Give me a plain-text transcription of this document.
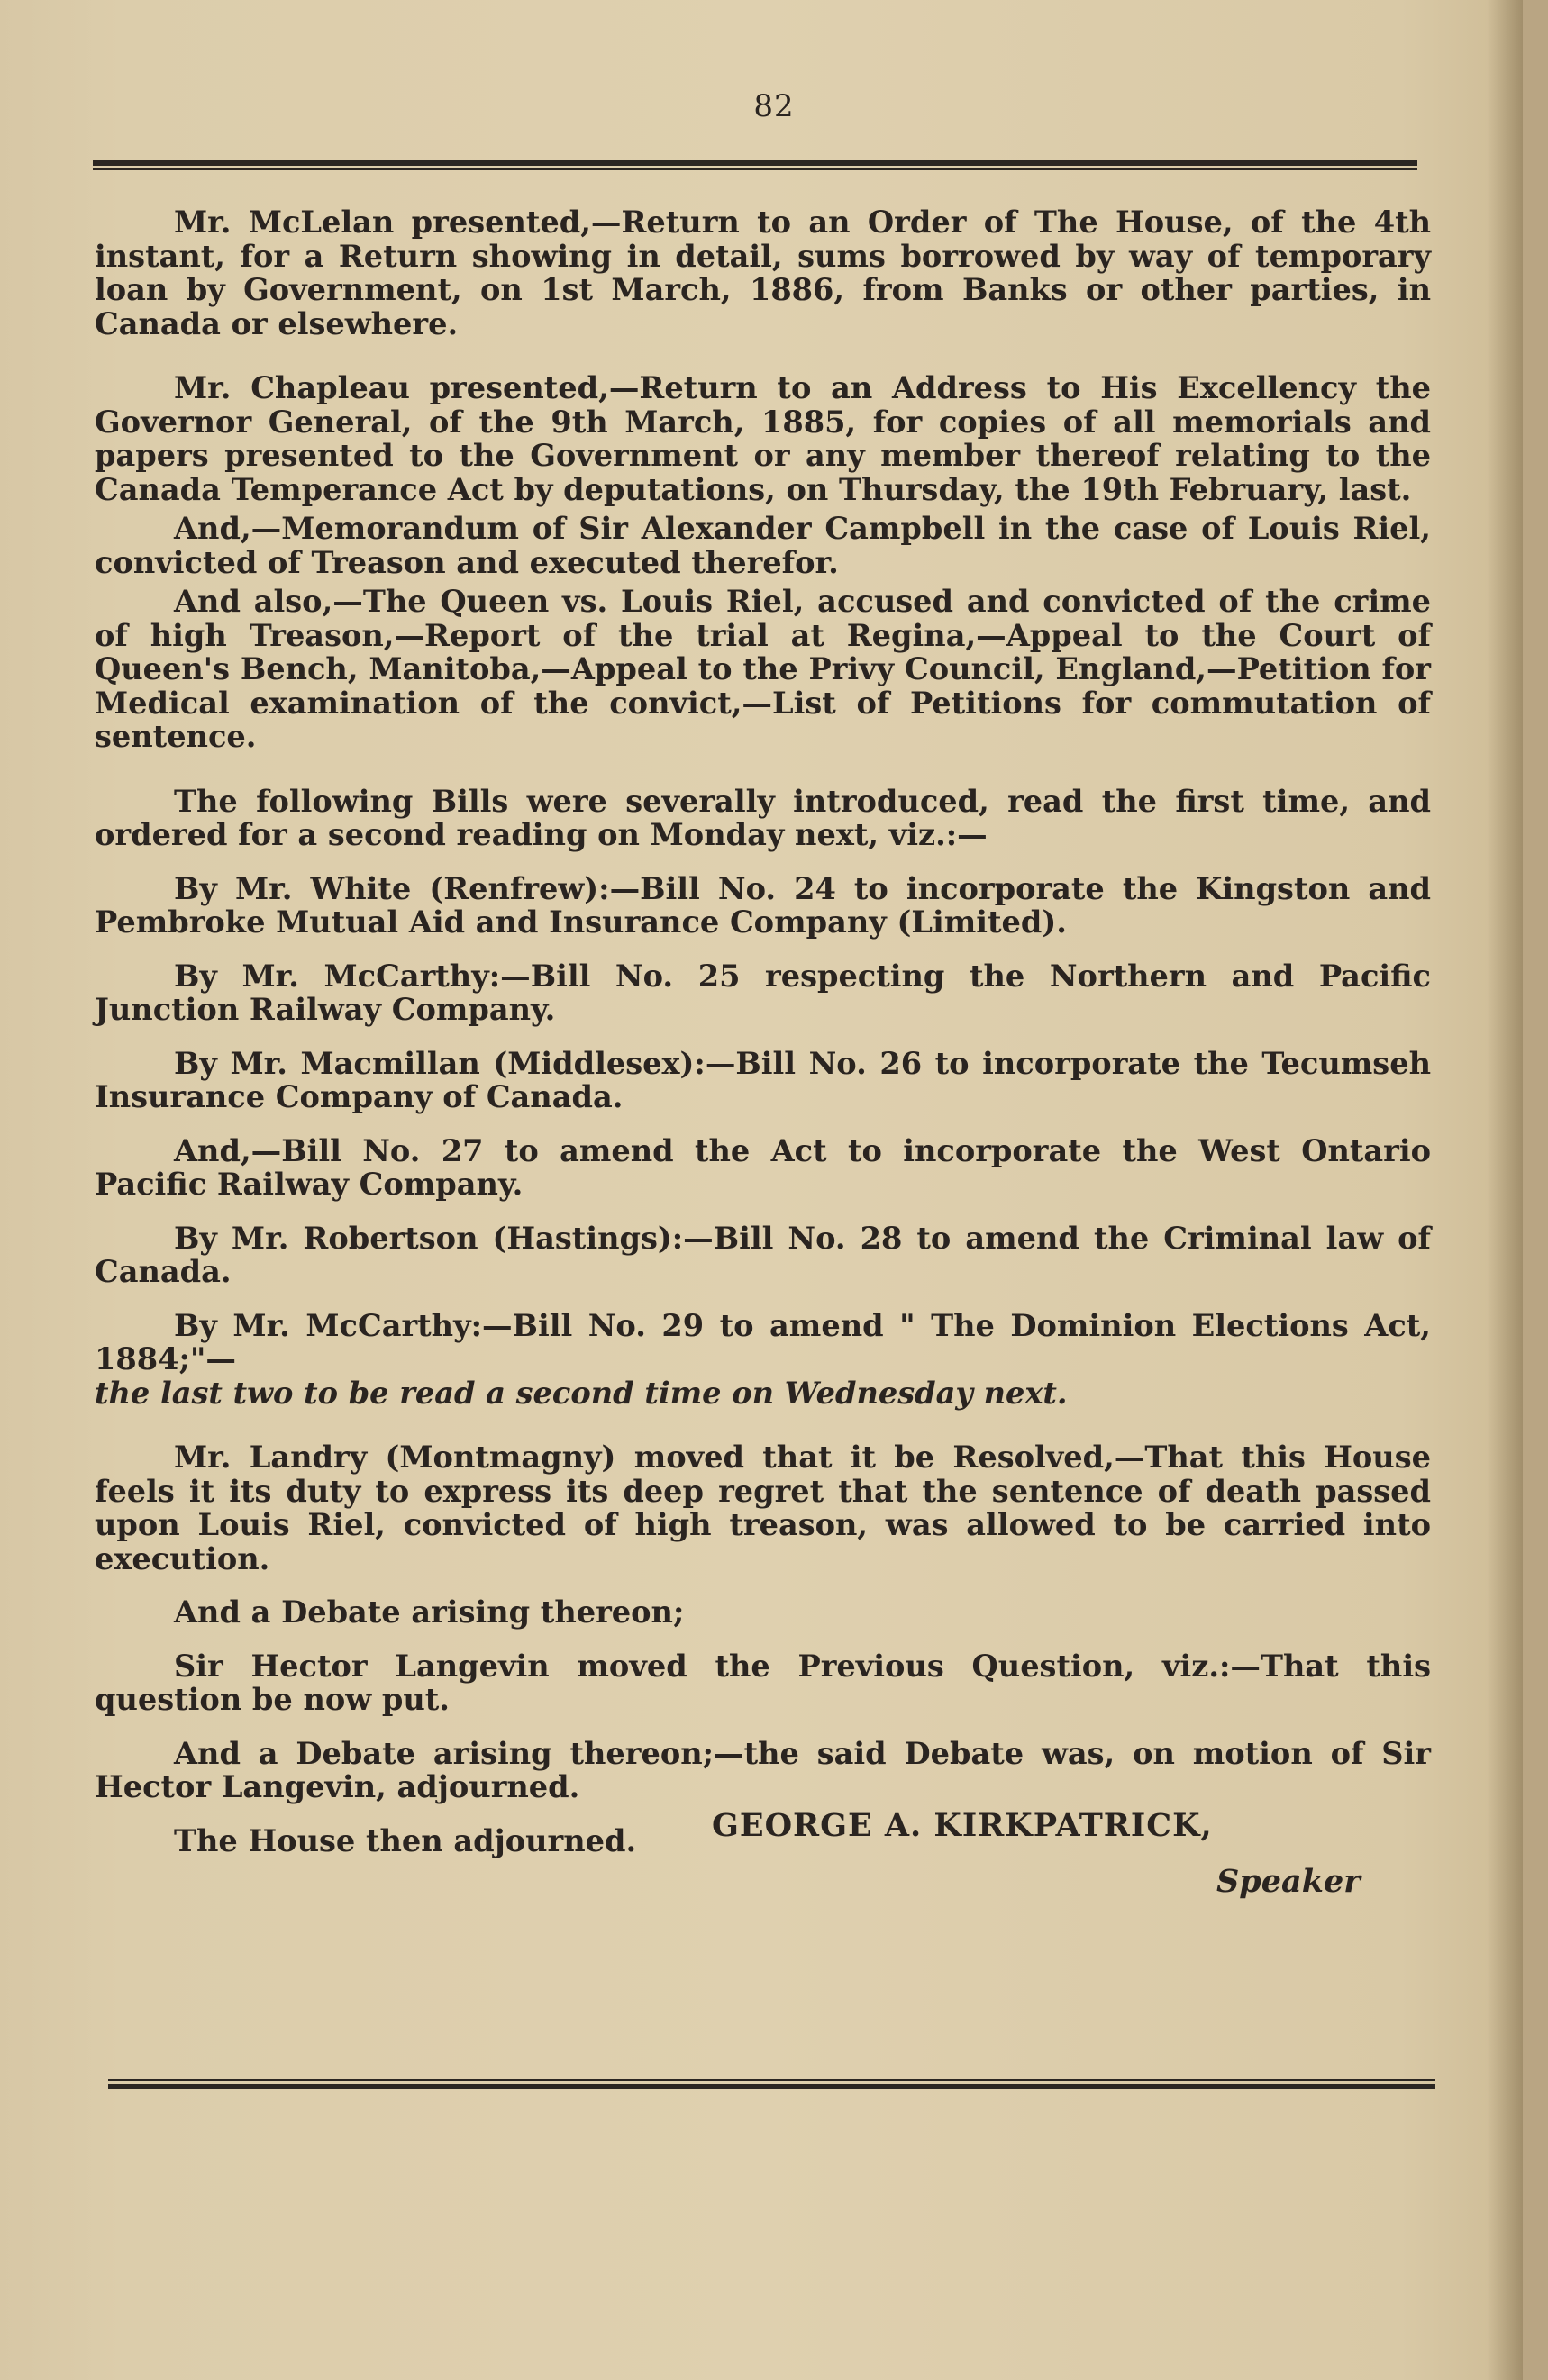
82

Mr. McLelan presented,—Return to an Order of The House, of the 4th instant, for a Return showing in detail, sums borrowed by way of temporary loan by Government, on 1st March, 1886, from Banks or other parties, in Canada or elsewhere.

Mr. Chapleau presented,—Return to an Address to His Excellency the Governor General, of the 9th March, 1885, for copies of all memorials and papers presented to the Government or any member thereof relating to the Canada Temperance Act by deputations, on Thursday, the 19th February, last.

And,—Memorandum of Sir Alexander Campbell in the case of Louis Riel, convicted of Treason and executed therefor.

And also,—The Queen vs. Louis Riel, accused and convicted of the crime of high Treason,—Report of the trial at Regina,—Appeal to the Court of Queen's Bench, Manitoba,—Appeal to the Privy Council, England,—Petition for Medical examination of the convict,—List of Petitions for commutation of sentence.

The following Bills were severally introduced, read the first time, and ordered for a second reading on Monday next, viz.:—

By Mr. White (Renfrew):—Bill No. 24 to incorporate the Kingston and Pembroke Mutual Aid and Insurance Company (Limited).

By Mr. McCarthy:—Bill No. 25 respecting the Northern and Pacific Junction Railway Company.

By Mr. Macmillan (Middlesex):—Bill No. 26 to incorporate the Tecumseh Insurance Company of Canada.

And,—Bill No. 27 to amend the Act to incorporate the West Ontario Pacific Railway Company.

By Mr. Robertson (Hastings):—Bill No. 28 to amend the Criminal law of Canada.

By Mr. McCarthy:—Bill No. 29 to amend " The Dominion Elections Act, 1884;"—

the last two to be read a second time on Wednesday next.

Mr. Landry (Montmagny) moved that it be Resolved,—That this House feels it its duty to express its deep regret that the sentence of death passed upon Louis Riel, convicted of high treason, was allowed to be carried into execution.

And a Debate arising thereon;

Sir Hector Langevin moved the Previous Question, viz.:—That this question be now put.

And a Debate arising thereon;—the said Debate was, on motion of Sir Hector Langevin, adjourned.

The House then adjourned.	GEORGE A. KIRKPATRICK,
Speaker
